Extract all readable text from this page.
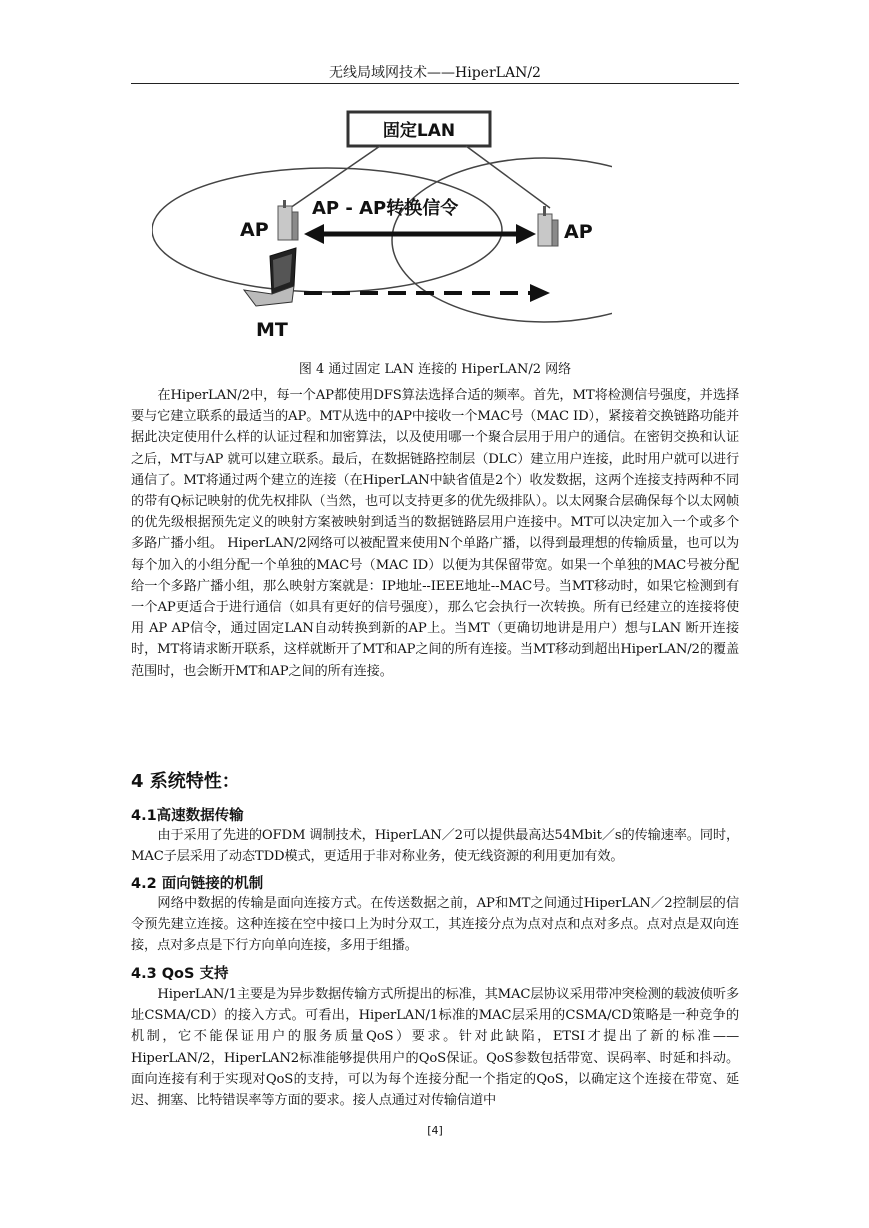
无线局域网技术——HiperLAN/2
固定LAN
AP	AP
AP - AP转换信令
MT
图 4 通过固定 LAN 连接的 HiperLAN/2 网络

在HiperLAN/2中，每一个AP都使用DFS算法选择合适的频率。首先，MT将检测信号强度，并选择要与它建立联系的最适当的AP。MT从选中的AP中接收一个MAC号（MAC ID），紧接着交换链路功能并据此决定使用什么样的认证过程和加密算法，以及使用哪一个聚合层用于用户的通信。在密钥交换和认证之后，MT与AP 就可以建立联系。最后，在数据链路控制层（DLC）建立用户连接，此时用户就可以进行通信了。MT将通过两个建立的连接（在HiperLAN中缺省值是2个）收发数据，这两个连接支持两种不同的带有Q标记映射的优先权排队（当然，也可以支持更多的优先级排队）。以太网聚合层确保每个以太网帧的优先级根据预先定义的映射方案被映射到适当的数据链路层用户连接中。MT可以决定加入一个或多个多路广播小组。 HiperLAN/2网络可以被配置来使用N个单路广播，以得到最理想的传输质量，也可以为每个加入的小组分配一个单独的MAC号（MAC ID）以便为其保留带宽。如果一个单独的MAC号被分配给一个多路广播小组，那么映射方案就是：IP地址--IEEE地址--MAC号。当MT移动时，如果它检测到有一个AP更适合于进行通信（如具有更好的信号强度），那么它会执行一次转换。所有已经建立的连接将使用 AP AP信令，通过固定LAN自动转换到新的AP上。当MT（更确切地讲是用户）想与LAN 断开连接时，MT将请求断开联系，这样就断开了MT和AP之间的所有连接。当MT移动到超出HiperLAN/2的覆盖范围时，也会断开MT和AP之间的所有连接。

4 系统特性：
4.1高速数据传输

由于采用了先进的OFDM 调制技术，HiperLAN／2可以提供最高达54Mbit／s的传输速率。同时，MAC子层采用了动态TDD模式，更适用于非对称业务，使无线资源的利用更加有效。

4.2 面向链接的机制

网络中数据的传输是面向连接方式。在传送数据之前，AP和MT之间通过HiperLAN／2控制层的信令预先建立连接。这种连接在空中接口上为时分双工，其连接分点为点对点和点对多点。点对点是双向连接，点对多点是下行方向单向连接，多用于组播。

4.3 QoS 支持

HiperLAN/1主要是为异步数据传输方式所提出的标准，其MAC层协议采用带冲突检测的载波侦听多址CSMA/CD）的接入方式。可看出，HiperLAN/1标准的MAC层采用的CSMA/CD策略是一种竞争的机制，它不能保证用户的服务质量QoS）要求。针对此缺陷，ETSI才提出了新的标准——HiperLAN/2，HiperLAN2标准能够提供用户的QoS保证。QoS参数包括带宽、误码率、时延和抖动。面向连接有利于实现对QoS的支持，可以为每个连接分配一个指定的QoS，以确定这个连接在带宽、延迟、拥塞、比特错误率等方面的要求。接人点通过对传输信道中

[4]
